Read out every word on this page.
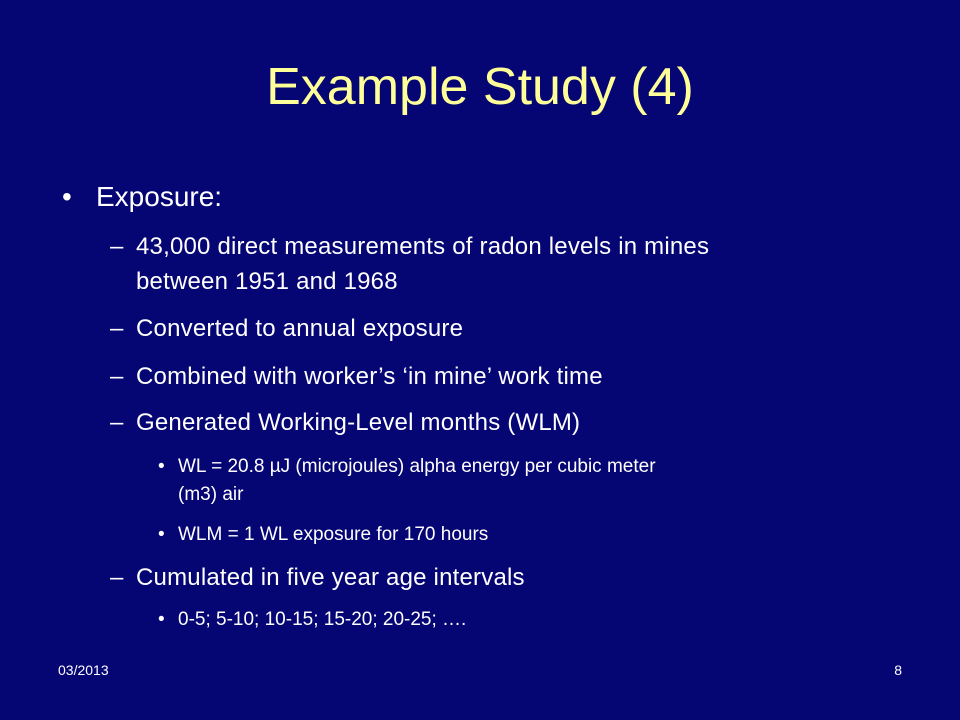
Example Study (4)
• Exposure:
– 43,000 direct measurements of radon levels in mines
between 1951 and 1968
– Converted to annual exposure
– Combined with worker’s ‘in mine’ work time
– Generated Working-Level months (WLM)
• WL = 20.8 µJ (microjoules) alpha energy per cubic meter
(m3) air
• WLM = 1 WL exposure for 170 hours
– Cumulated in five year age intervals
• 0-5; 5-10; 10-15; 15-20; 20-25; ….
03/2013	8
